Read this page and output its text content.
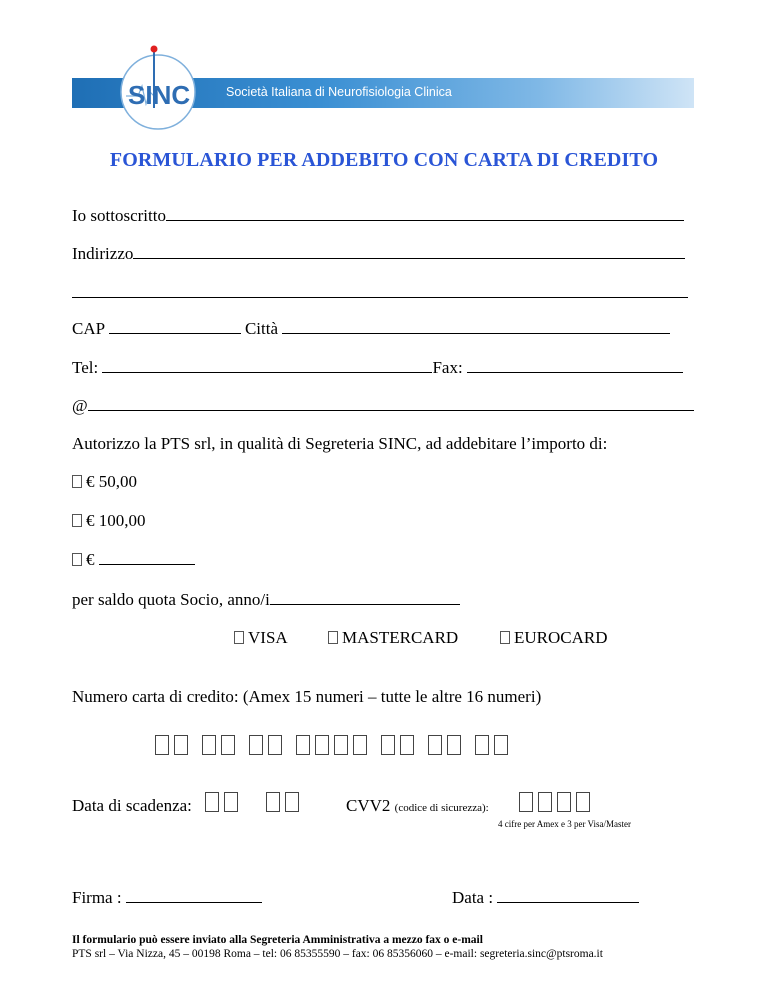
Società Italiana di Neurofisiologia Clinica
SINC
FORMULARIO PER ADDEBITO CON CARTA DI CREDITO
Io sottoscritto
Indirizzo
CAP	Città
Tel:	Fax:
@
Autorizzo la PTS srl, in qualità di Segreteria SINC, ad addebitare l’importo di:
€ 50,00
€ 100,00
€
per saldo quota Socio, anno/i
VISA	MASTERCARD	EUROCARD
Numero carta di credito: (Amex 15 numeri – tutte le altre 16 numeri)
Data di scadenza:	CVV2 (codice di sicurezza):
4 cifre per Amex e 3 per Visa/Master
Firma :	Data :
Il formulario può essere inviato alla Segreteria Amministrativa a mezzo fax o e-mail
PTS srl – Via Nizza, 45 – 00198 Roma – tel: 06 85355590 – fax: 06 85356060 – e-mail: segreteria.sinc@ptsroma.it
